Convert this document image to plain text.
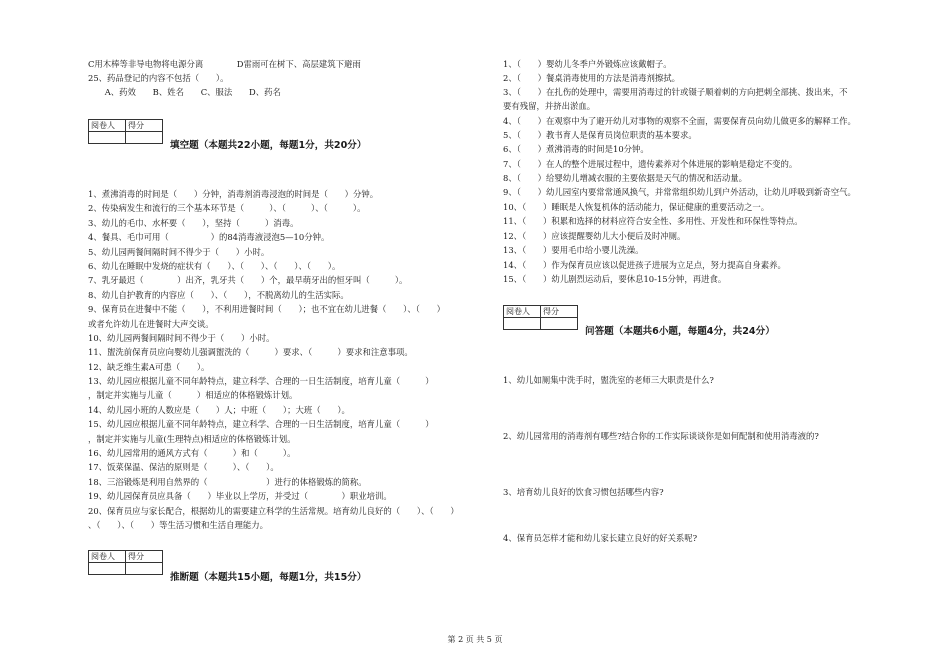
C用木棒等非导电物将电源分离　　　　D雷雨可在树下、高层建筑下避雨
25、药品登记的内容不包括（　　）。
　　A、药效　　B、姓名　　C、服法　　D、药名
阅卷人	得分

填空题（本题共22小题，每题1分，共20分）
1、煮沸消毒的时间是（　　）分钟，消毒剂消毒浸泡的时间是（　　）分钟。
2、传染病发生和流行的三个基本环节是（　　　）、（　　　）、（　　　）。
3、幼儿的毛巾、水杯要（　　），坚持（　　　）消毒。
4、餐具、毛巾可用（　　　　　）的84消毒液浸泡5—10分钟。
5、幼儿园两餐间隔时间不得少于（　　）小时。
6、幼儿在睡眠中发烧的症状有（　　）、（　　）、（　　）、（　　）。
7、乳牙最迟（　　　　）出齐，乳牙共（　　）个，最早萌牙出的恒牙叫（　　　）。
8、幼儿自护教育的内容应（　　）、（　　），不脱离幼儿的生活实际。
9、保育员在进餐中不能（　　），不利用进餐时间（　　）；也不宜在幼儿进餐（　　）、（　　）
或者允许幼儿在进餐时大声交谈。
10、幼儿园两餐间隔时间不得少于（　　）小时。
11、盥洗前保育员应向婴幼儿强调盥洗的（　　　）要求、（　　　）要求和注意事项。
12、缺乏维生素A可患（　　）。
13、幼儿园应根据儿童不同年龄特点，建立科学、合理的一日生活制度，培育儿童（　　　）
，制定并实施与儿童（　　　）相适应的体格锻炼计划。
14、幼儿园小班的人数应是（　　）人；中班（　　）；大班（　　）。
15、幼儿园应根据儿童不同年龄特点，建立科学、合理的一日生活制度，培育儿童（　　　）
，制定并实施与儿童(生理特点)相适应的体格锻炼计划。
16、幼儿园常用的通风方式有（　　　）和（　　　）。
17、饭菜保温、保洁的原则是（　　　）、（　　）。
18、三浴锻炼是利用自然界的（　　　　　　　）进行的体格锻炼的简称。
19、幼儿园保育员应具备（　　）毕业以上学历，并受过（　　　　）职业培训。
20、保育员应与家长配合，根据幼儿的需要建立科学的生活常规。培育幼儿良好的（　　）、（　　）
、（　　）、（　　）等生活习惯和生活自理能力。
阅卷人	得分

推断题（本题共15小题，每题1分，共15分）
1、（　　）婴幼儿冬季户外锻炼应该戴帽子。
2、（　　）餐桌消毒使用的方法是消毒剂擦拭。
3、（　　）在扎伤的处理中，需要用消毒过的针或镊子顺着刺的方向把刺全部挑、拨出来，不
要有残留，并挤出淤血。
4、（　　）在观察中为了避开幼儿对事物的观察不全面，需要保育员向幼儿做更多的解释工作。
5、（　　）教书育人是保育员岗位职责的基本要求。
6、（　　）煮沸消毒的时间是10分钟。
7、（　　）在人的整个进展过程中，遗传素养对个体进展的影响是稳定不变的。
8、（　　）给婴幼儿增减衣服的主要依据是天气的情况和活动量。
9、（　　）幼儿园室内要常常通风换气，并常常组织幼儿到户外活动，让幼儿呼吸到新奇空气。
10、（　　）睡眠是人恢复机体的活动能力，保证健康的重要活动之一。
11、（　　）积累和选择的材料应符合安全性、多用性、开发性和环保性等特点。
12、（　　）应该提醒婴幼儿大小便后及时冲厕。
13、（　　）要用毛巾给小婴儿洗澡。
14、（　　）作为保育员应该以促进孩子进展为立足点，努力提高自身素养。
15、（　　）幼儿剧烈运动后，要休息10-15分钟，再进食。
阅卷人	得分

问答题（本题共6小题，每题4分，共24分）
1、幼儿如厕集中洗手时，盥洗室的老师三大职责是什么?
2、幼儿园常用的消毒剂有哪些?结合你的工作实际谈谈你是如何配制和使用消毒液的?
3、培育幼儿良好的饮食习惯包括哪些内容?
4、保育员怎样才能和幼儿家长建立良好的好关系呢?
第 2 页 共 5 页
